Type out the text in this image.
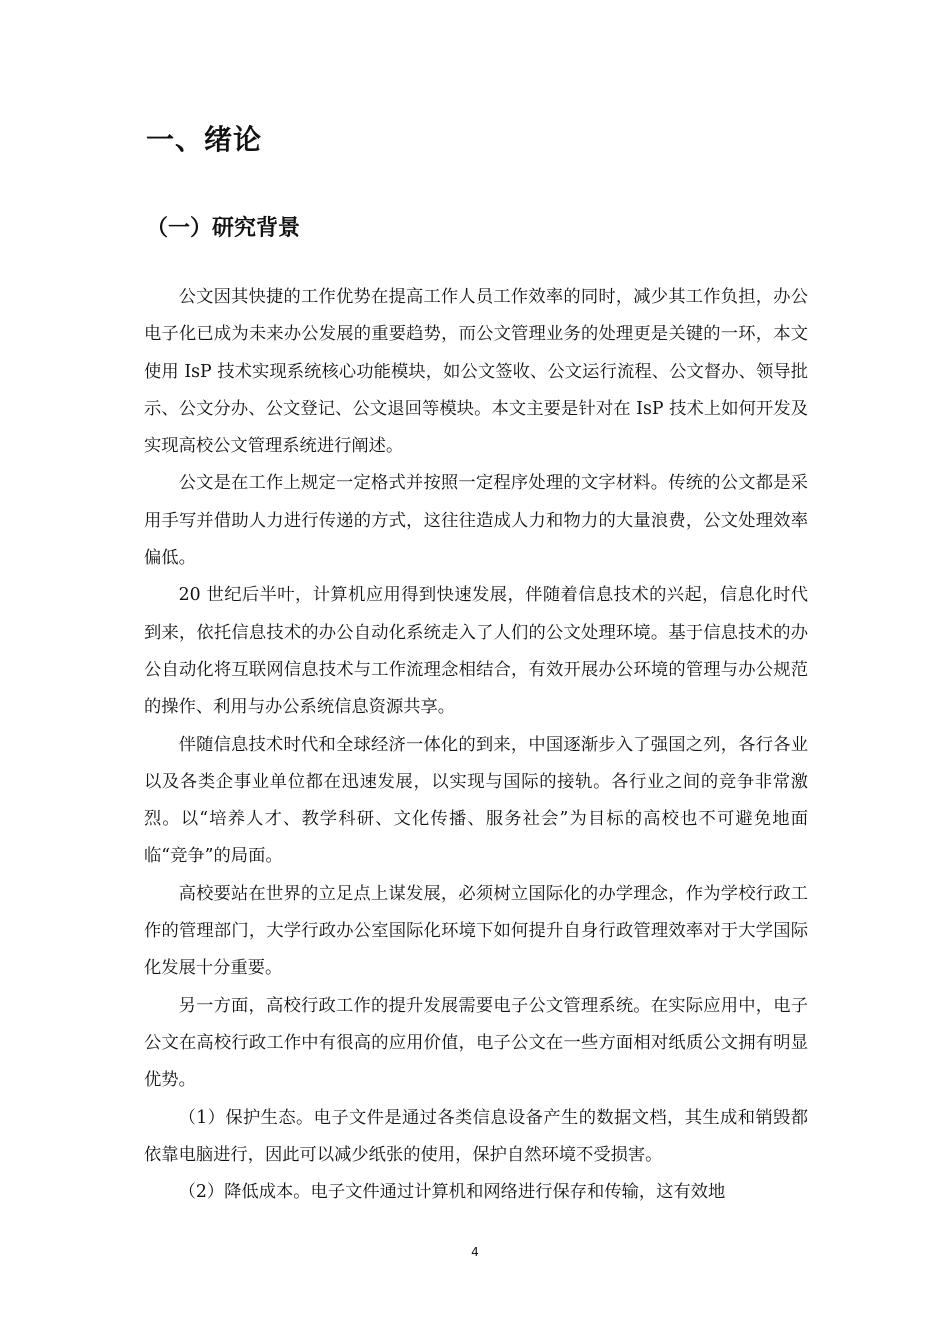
一、绪论
（一）研究背景

公文因其快捷的工作优势在提高工作人员工作效率的同时，减少其工作负担，办公电子化已成为未来办公发展的重要趋势，而公文管理业务的处理更是关键的一环，本文使用 IsP 技术实现系统核心功能模块，如公文签收、公文运行流程、公文督办、领导批示、公文分办、公文登记、公文退回等模块。本文主要是针对在 IsP 技术上如何开发及实现高校公文管理系统进行阐述。

公文是在工作上规定一定格式并按照一定程序处理的文字材料。传统的公文都是采用手写并借助人力进行传递的方式，这往往造成人力和物力的大量浪费，公文处理效率偏低。

20 世纪后半叶，计算机应用得到快速发展，伴随着信息技术的兴起，信息化时代到来，依托信息技术的办公自动化系统走入了人们的公文处理环境。基于信息技术的办公自动化将互联网信息技术与工作流理念相结合，有效开展办公环境的管理与办公规范的操作、利用与办公系统信息资源共享。

伴随信息技术时代和全球经济一体化的到来，中国逐渐步入了强国之列，各行各业以及各类企事业单位都在迅速发展，以实现与国际的接轨。各行业之间的竞争非常激烈。以“培养人才、教学科研、文化传播、服务社会”为目标的高校也不可避免地面临“竞争”的局面。

高校要站在世界的立足点上谋发展，必须树立国际化的办学理念，作为学校行政工作的管理部门，大学行政办公室国际化环境下如何提升自身行政管理效率对于大学国际化发展十分重要。

另一方面，高校行政工作的提升发展需要电子公文管理系统。在实际应用中，电子公文在高校行政工作中有很高的应用价值，电子公文在一些方面相对纸质公文拥有明显优势。

（1）保护生态。电子文件是通过各类信息设备产生的数据文档，其生成和销毁都依靠电脑进行，因此可以减少纸张的使用，保护自然环境不受损害。

（2）降低成本。电子文件通过计算机和网络进行保存和传输，这有效地

4
